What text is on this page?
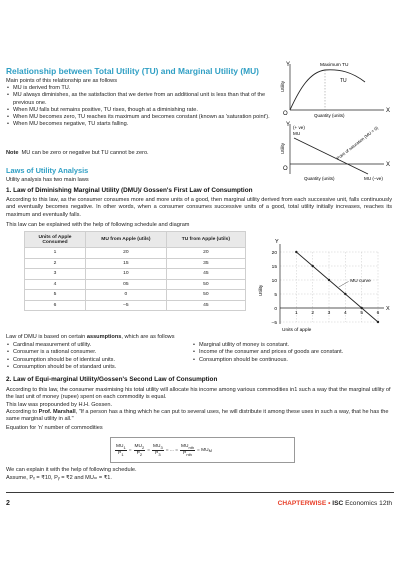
Relationship between Total Utility (TU) and Marginal Utility (MU)
Main points of this relationship are as follows
• MU is derived from TU.
• MU always diminishes, as the satisfaction that we derive from an additional unit is less than that of the previous one.
• When MU falls but remains positive, TU rises, though at a diminishing rate.
• When MU becomes zero, TU reaches its maximum and becomes constant (known as 'saturation point').
• When MU becomes negative, TU starts falling.
Note MU can be zero or negative but TU cannot be zero.
Laws of Utility Analysis
Utility analysis has two main laws
1. Law of Diminishing Marginal Utility (DMU)/ Gossen's First Law of Consumption
According to this law, as the consumer consumes more and more units of a good, then marginal utility derived from each successive unit, falls continuously and eventually becomes negative. In other words, when a consumer consumes successive units of a good, total utility initially increases, reaches its maximum and eventually falls.
This law can be explained with the help of following schedule and diagram
Units of Apple Consumed	MU from Apple (utils)	TU from Apple (utils)
1	20	20
2	15	35
3	10	45
4	05	50
5	0	50
6	–5	45
Y
X
O
Maximum TU
TU
Utility
Quantity (units)
Y
X
O
(+ ve)
MU	Point of saturation (MU = 0)
MU (–ve)
Utility
Quantity (units)
Y
X
20
15
10
5
0
–5
1	2	3	4	5	6
MU curve
Utility
Units of apple
Law of DMU is based on certain assumptions, which are as follows
• Cardinal measurement of utility.
• Consumer is a rational consumer.
• Consumption should be of identical units.
• Consumption should be of standard units.
• Marginal utility of money is constant.
• Income of the consumer and prices of goods are constant.
• Consumption should be continuous.
2. Law of Equi-marginal Utility/Gossen's Second Law of Consumption
According to this law, the consumer maximising his total utility will allocate his income among various commodities in1 such a way that the marginal utility of the last unit of money (rupee) spent on each commodity is equal.
This law was propounded by H.H. Gossen.
According to Prof. Marshall, "If a person has a thing which he can put to several uses, he will distribute it among these uses in such a way, that he has the same marginal utility in all."
Equation for 'n' number of commodities
$\frac{MU_1}{P_1} = \frac{MU_2}{P_2} = \frac{MU_3}{P_3}$ = ... =
$MU_{nth}$
$P_{nth}$
= MU M
We can explain it with the help of following schedule.
Assume, Pₓ = ₹10, Pᵧ = ₹2 and MUₘ = ₹1.
2	CHAPTERWISE • ISC Economics 12th
